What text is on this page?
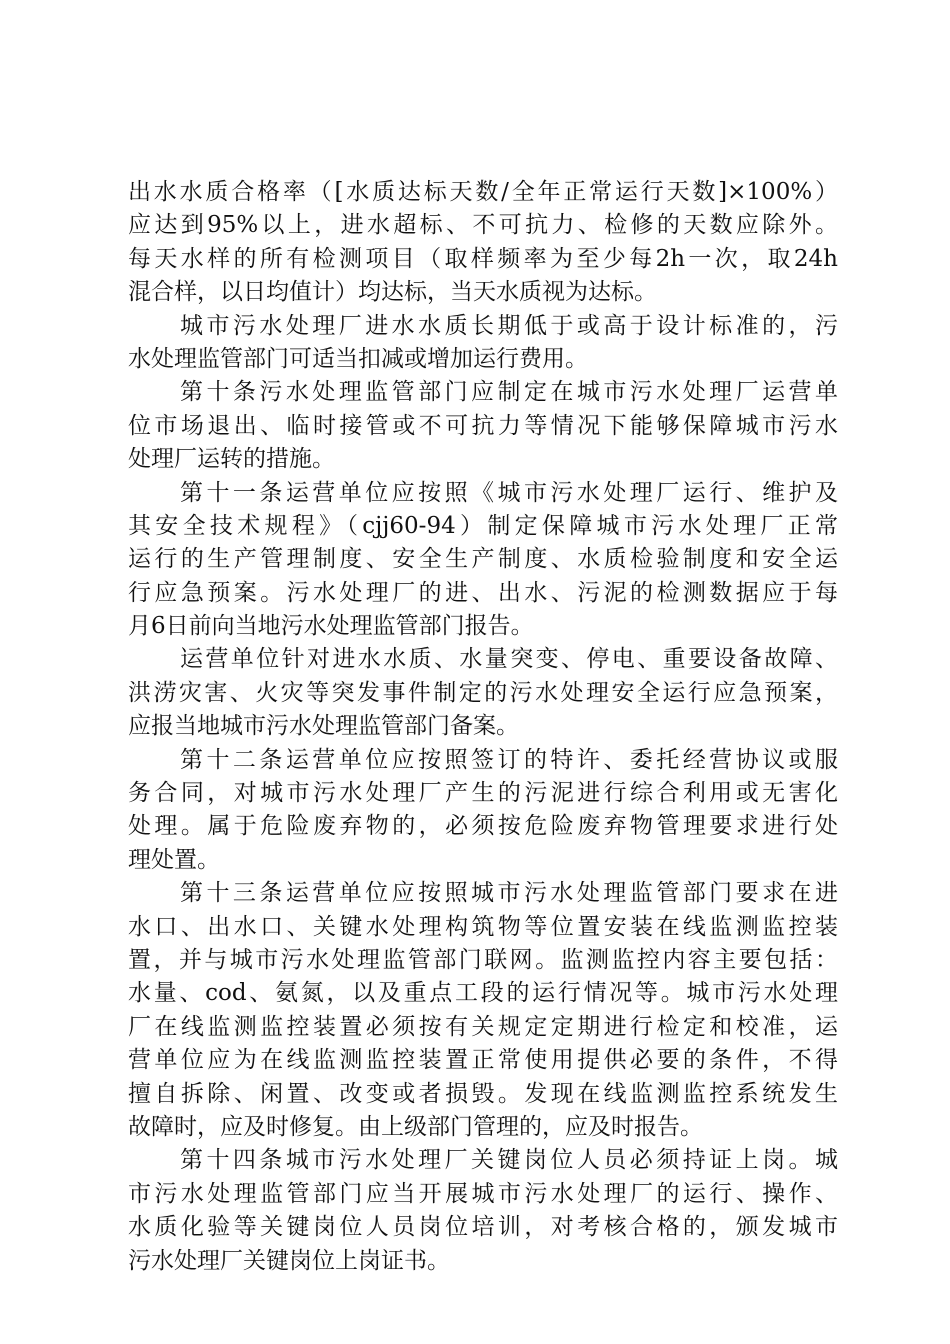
出水水质合格率（[水质达标天数/全年正常运行天数]×100%）
应达到95%以上，进水超标、不可抗力、检修的天数应除外。
每天水样的所有检测项目（取样频率为至少每2h一次，取24h
混合样，以日均值计）均达标，当天水质视为达标。
城市污水处理厂进水水质长期低于或高于设计标准的，污
水处理监管部门可适当扣减或增加运行费用。
第十条污水处理监管部门应制定在城市污水处理厂运营单
位市场退出、临时接管或不可抗力等情况下能够保障城市污水
处理厂运转的措施。
第十一条运营单位应按照《城市污水处理厂运行、维护及
其安全技术规程》（cjj60-94）制定保障城市污水处理厂正常
运行的生产管理制度、安全生产制度、水质检验制度和安全运
行应急预案。污水处理厂的进、出水、污泥的检测数据应于每
月6日前向当地污水处理监管部门报告。
运营单位针对进水水质、水量突变、停电、重要设备故障、
洪涝灾害、火灾等突发事件制定的污水处理安全运行应急预案，
应报当地城市污水处理监管部门备案。
第十二条运营单位应按照签订的特许、委托经营协议或服
务合同，对城市污水处理厂产生的污泥进行综合利用或无害化
处理。属于危险废弃物的，必须按危险废弃物管理要求进行处
理处置。
第十三条运营单位应按照城市污水处理监管部门要求在进
水口、出水口、关键水处理构筑物等位置安装在线监测监控装
置，并与城市污水处理监管部门联网。监测监控内容主要包括：
水量、cod、氨氮，以及重点工段的运行情况等。城市污水处理
厂在线监测监控装置必须按有关规定定期进行检定和校准，运
营单位应为在线监测监控装置正常使用提供必要的条件，不得
擅自拆除、闲置、改变或者损毁。发现在线监测监控系统发生
故障时，应及时修复。由上级部门管理的，应及时报告。
第十四条城市污水处理厂关键岗位人员必须持证上岗。城
市污水处理监管部门应当开展城市污水处理厂的运行、操作、
水质化验等关键岗位人员岗位培训，对考核合格的，颁发城市
污水处理厂关键岗位上岗证书。
